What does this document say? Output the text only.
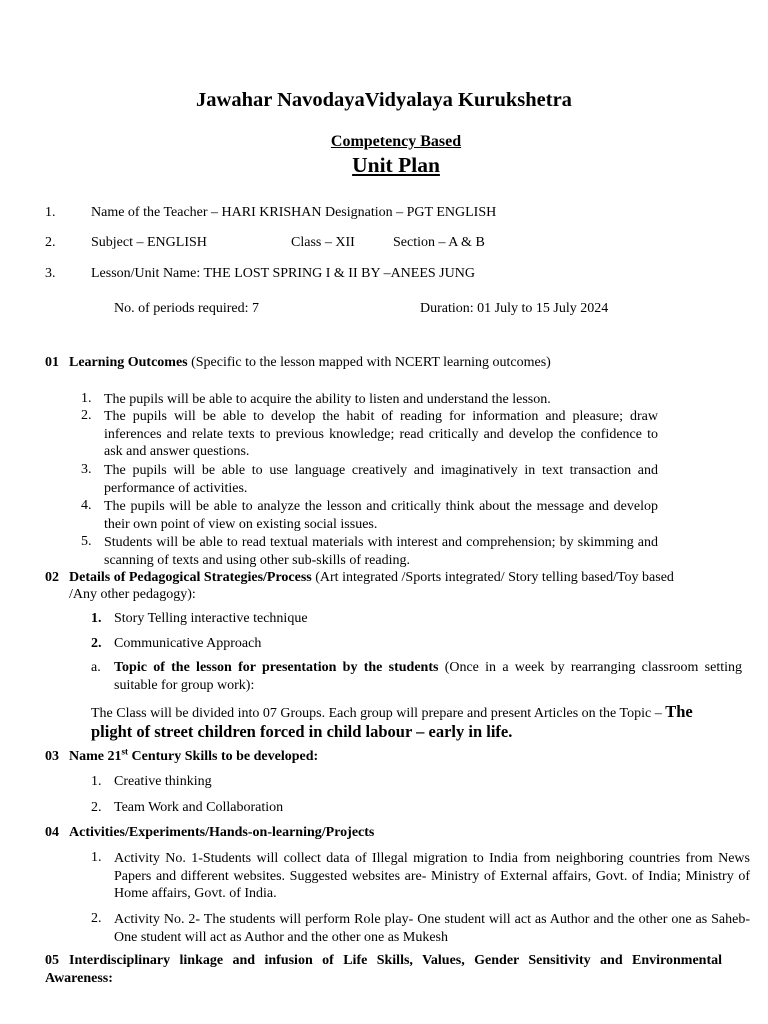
Jawahar NavodayaVidyalaya Kurukshetra
Competency Based
Unit Plan
1.	Name of the Teacher – HARI KRISHAN Designation – PGT ENGLISH
2.	Subject – ENGLISH	Class – XII	Section – A & B
3.	Lesson/Unit Name: THE LOST SPRING I & II BY –ANEES JUNG
No. of periods required: 7	Duration: 01 July to 15 July 2024
01 Learning Outcomes (Specific to the lesson mapped with NCERT learning outcomes)
1. The pupils will be able to acquire the ability to listen and understand the lesson.
2. The pupils will be able to develop the habit of reading for information and pleasure; draw inferences and relate texts to previous knowledge; read critically and develop the confidence to ask and answer questions.
3. The pupils will be able to use language creatively and imaginatively in text transaction and performance of activities.
4. The pupils will be able to analyze the lesson and critically think about the message and develop their own point of view on existing social issues.
5. Students will be able to read textual materials with interest and comprehension; by skimming and scanning of texts and using other sub-skills of reading.
02 Details of Pedagogical Strategies/Process (Art integrated /Sports integrated/ Story telling based/Toy based
/Any other pedagogy):
1. Story Telling interactive technique
2. Communicative Approach
a. Topic of the lesson for presentation by the students (Once in a week by rearranging classroom setting suitable for group work):
The Class will be divided into 07 Groups. Each group will prepare and present Articles on the Topic – The
plight of street children forced in child labour – early in life.
03 Name 21st Century Skills to be developed:
1. Creative thinking
2. Team Work and Collaboration
04 Activities/Experiments/Hands-on-learning/Projects
1. Activity No. 1-Students will collect data of Illegal migration to India from neighboring countries from News Papers and different websites. Suggested websites are- Ministry of External affairs, Govt. of India; Ministry of Home affairs, Govt. of India.
2. Activity No. 2- The students will perform Role play- One student will act as Author and the other one as Saheb- One student will act as Author and the other one as Mukesh
05 Interdisciplinary linkage and infusion of Life Skills, Values, Gender Sensitivity and Environmental Awareness:
